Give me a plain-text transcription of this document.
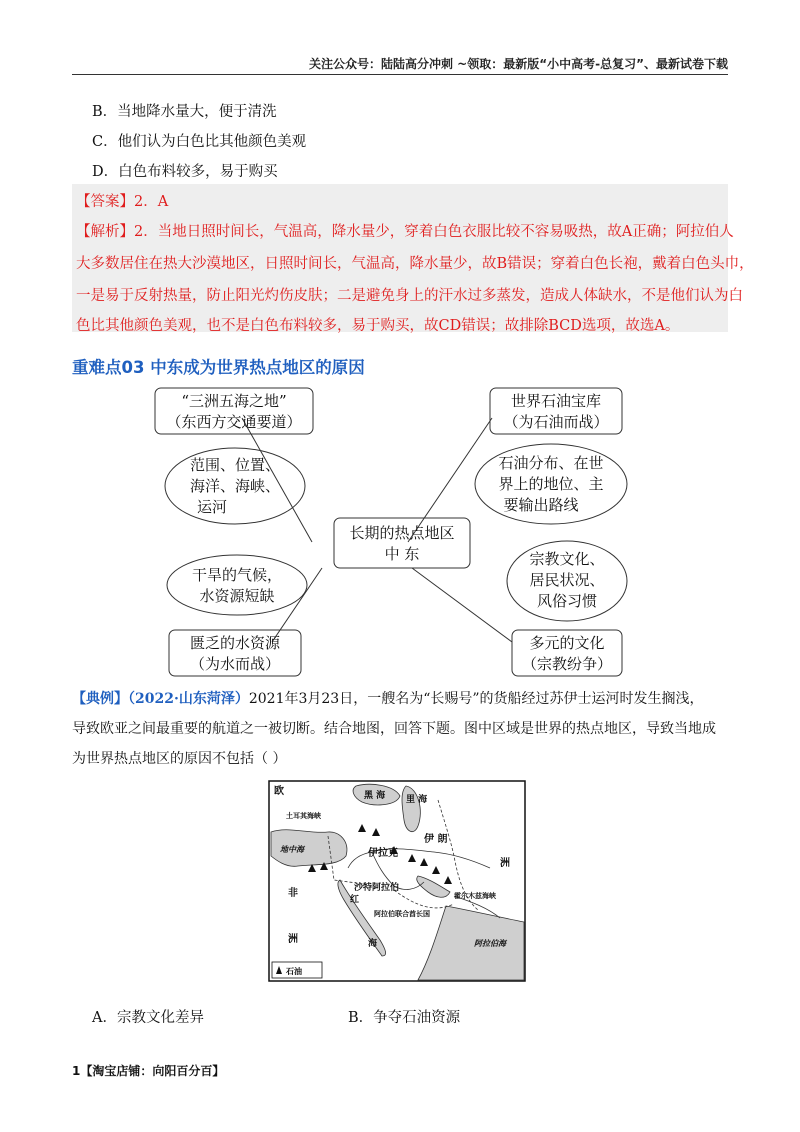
关注公众号：陆陆高分冲刺 ~领取：最新版“小中高考-总复习”、最新试卷下载
B．当地降水量大，便于清洗
C．他们认为白色比其他颜色美观
D．白色布料较多，易于购买
【答案】2．A
【解析】2．当地日照时间长，气温高，降水量少，穿着白色衣服比较不容易吸热，故A正确；阿拉伯人
大多数居住在热大沙漠地区，日照时间长，气温高，降水量少，故B错误；穿着白色长袍，戴着白色头巾，
一是易于反射热量，防止阳光灼伤皮肤；二是避免身上的汗水过多蒸发，造成人体缺水，不是他们认为白
色比其他颜色美观，也不是白色布料较多，易于购买，故CD错误；故排除BCD选项，故选A。
重难点03 中东成为世界热点地区的原因
“三洲五海之地”
（东西方交通要道）
世界石油宝库
（为石油而战）
范围、位置、
海洋、海峡、
运河
石油分布、在世
界上的地位、主
要输出路线
长期的热点地区
中 东
干旱的气候，
水资源短缺
宗教文化、
居民状况、
风俗习惯
匮乏的水资源
（为水而战）
多元的文化
（宗教纷争）
【典例】（2022·山东菏泽）2021年3月23日，一艘名为“长赐号”的货船经过苏伊士运河时发生搁浅，
导致欧亚之间最重要的航道之一被切断。结合地图，回答下题。图中区域是世界的热点地区，导致当地成
为世界热点地区的原因不包括（ ）
欧	黑 海 里 海
土耳其海峡
地中海	伊拉克
伊 朗
洲
沙特阿拉伯
霍尔木兹海峡
阿拉伯联合酋长国
非
洲
红
海	阿拉伯海
石油
A．宗教文化差异	B．争夺石油资源
1【淘宝店铺：向阳百分百】
